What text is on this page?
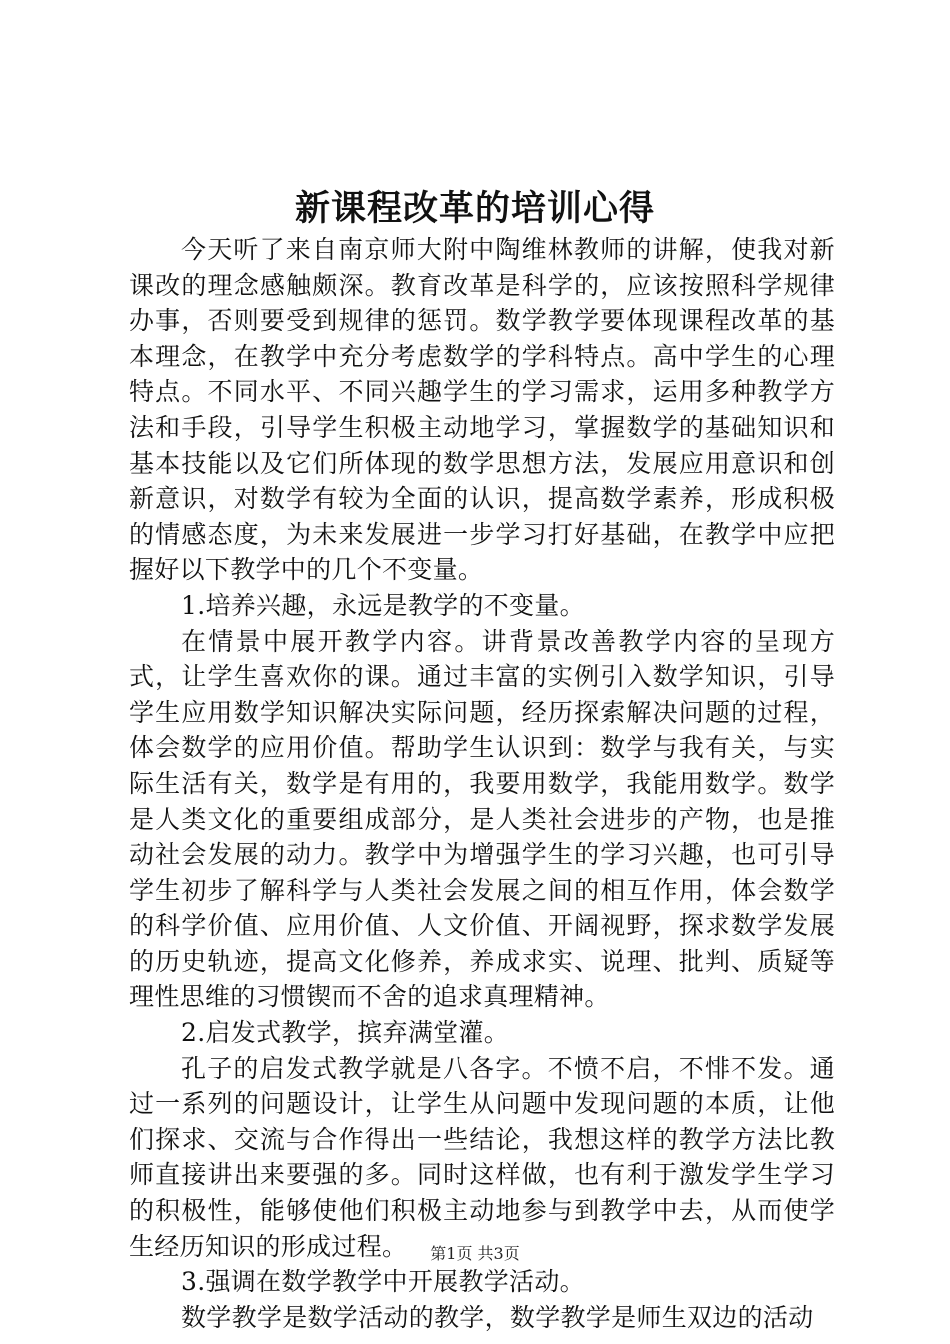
新课程改革的培训心得

今天听了来自南京师大附中陶维林教师的讲解，使我对新课改的理念感触颇深。教育改革是科学的，应该按照科学规律办事，否则要受到规律的惩罚。数学教学要体现课程改革的基本理念，在教学中充分考虑数学的学科特点。高中学生的心理特点。不同水平、不同兴趣学生的学习需求，运用多种教学方法和手段，引导学生积极主动地学习，掌握数学的基础知识和基本技能以及它们所体现的数学思想方法，发展应用意识和创新意识，对数学有较为全面的认识，提高数学素养，形成积极的情感态度，为未来发展进一步学习打好基础，在教学中应把握好以下教学中的几个不变量。

1.培养兴趣，永远是教学的不变量。

在情景中展开教学内容。讲背景改善教学内容的呈现方式，让学生喜欢你的课。通过丰富的实例引入数学知识，引导学生应用数学知识解决实际问题，经历探索解决问题的过程，体会数学的应用价值。帮助学生认识到：数学与我有关，与实际生活有关，数学是有用的，我要用数学，我能用数学。数学是人类文化的重要组成部分，是人类社会进步的产物，也是推动社会发展的动力。教学中为增强学生的学习兴趣，也可引导学生初步了解科学与人类社会发展之间的相互作用，体会数学的科学价值、应用价值、人文价值、开阔视野，探求数学发展的历史轨迹，提高文化修养，养成求实、说理、批判、质疑等理性思维的习惯锲而不舍的追求真理精神。

2.启发式教学，摈弃满堂灌。

孔子的启发式教学就是八各字。不愤不启，不悱不发。通过一系列的问题设计，让学生从问题中发现问题的本质，让他们探求、交流与合作得出一些结论，我想这样的教学方法比教师直接讲出来要强的多。同时这样做，也有利于激发学生学习的积极性，能够使他们积极主动地参与到教学中去，从而使学生经历知识的形成过程。

3.强调在数学教学中开展教学活动。

数学教学是数学活动的教学，数学教学是师生双边的活动

第1页 共3页
